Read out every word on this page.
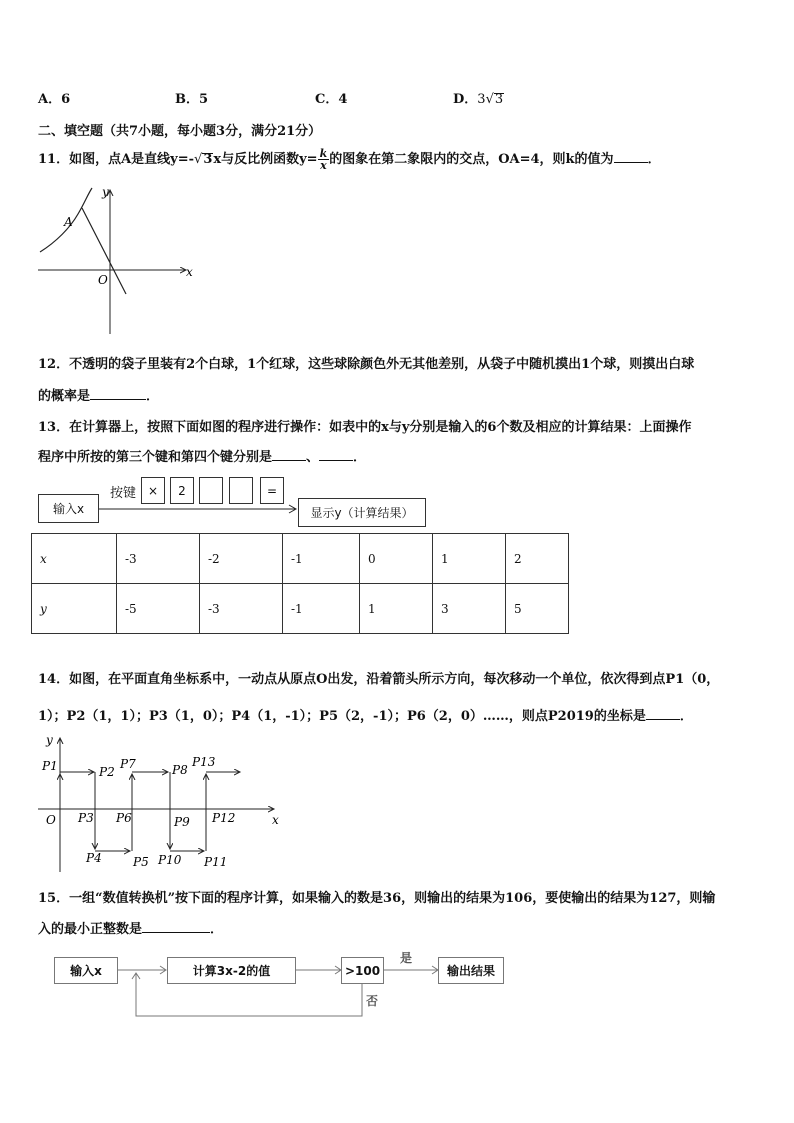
A．6	B．5	C．4	D．3√3
二、填空题（共7小题，每小题3分，满分21分）
11．如图，点A是直线y=-√3x与反比例函数$y= \frac{k}{x}$ 的图象在第二象限内的交点，OA=4，则k的值为	．
x
y
A
O
12．不透明的袋子里装有2个白球，1个红球，这些球除颜色外无其他差别，从袋子中随机摸出1个球，则摸出白球
的概率是	．
13．在计算器上，按照下面如图的程序进行操作：如表中的x与y分别是输入的6个数及相应的计算结果：上面操作
程序中所按的第三个键和第四个键分别是	、	．
输入x
按键 ×	2	=
显示y（计算结果）
x	-3	-2	-1	0	1	2
y	-5	-3	-1	1	3	5
14．如图，在平面直角坐标系中，一动点从原点O出发，沿着箭头所示方向，每次移动一个单位，依次得到点P1（0，
1）；P2（1，1）；P3（1，0）；P4（1，-1）；P5（2，-1）；P6（2，0）……，则点P2019的坐标是	．
y
x
O
P1	P2
P3
P4	P5
P6
P7	P8
P9
P10 P11
P12
P13
15．一组“数值转换机”按下面的程序计算，如果输入的数是36，则输出的结果为106，要使输出的结果为127，则输
入的最小正整数是	．
输入x	计算3x-2的值	>100	输出结果
是
否
